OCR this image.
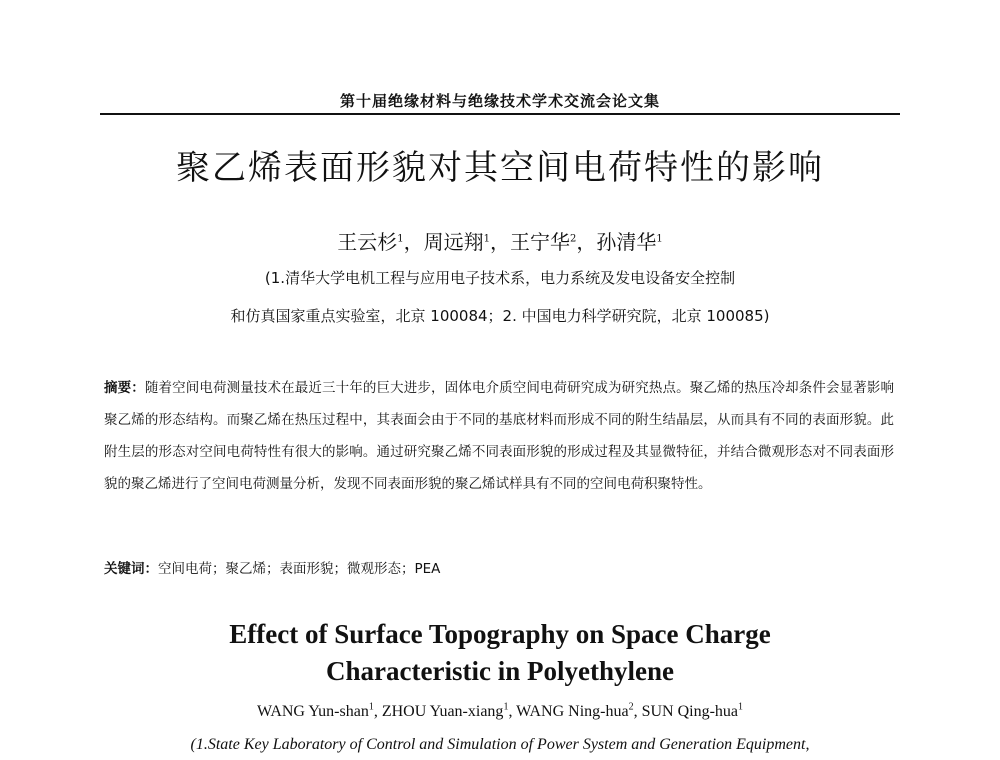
第十届绝缘材料与绝缘技术学术交流会论文集
聚乙烯表面形貌对其空间电荷特性的影响
王云杉$^1$，周远翔$^1$，王宁华$^2$，孙清华$^1$
(1.清华大学电机工程与应用电子技术系，电力系统及发电设备安全控制
和仿真国家重点实验室，北京 100084；2. 中国电力科学研究院，北京 100085)
摘要：随着空间电荷测量技术在最近三十年的巨大进步，固体电介质空间电荷研究成为研究热点。聚乙烯的热压冷却条件会显著影响聚乙烯的形态结构。而聚乙烯在热压过程中，其表面会由于不同的基底材料而形成不同的附生结晶层，从而具有不同的表面形貌。此附生层的形态对空间电荷特性有很大的影响。通过研究聚乙烯不同表面形貌的形成过程及其显微特征，并结合微观形态对不同表面形貌的聚乙烯进行了空间电荷测量分析，发现不同表面形貌的聚乙烯试样具有不同的空间电荷积聚特性。
关键词：空间电荷；聚乙烯；表面形貌；微观形态；PEA
Effect of Surface Topography on Space Charge
Characteristic in Polyethylene
WANG Yun-shan$^1$, ZHOU Yuan-xiang$^1$, WANG Ning-hua$^2$, SUN Qing-hua$^1$
(1.State Key Laboratory of Control and Simulation of Power System and Generation Equipment,
